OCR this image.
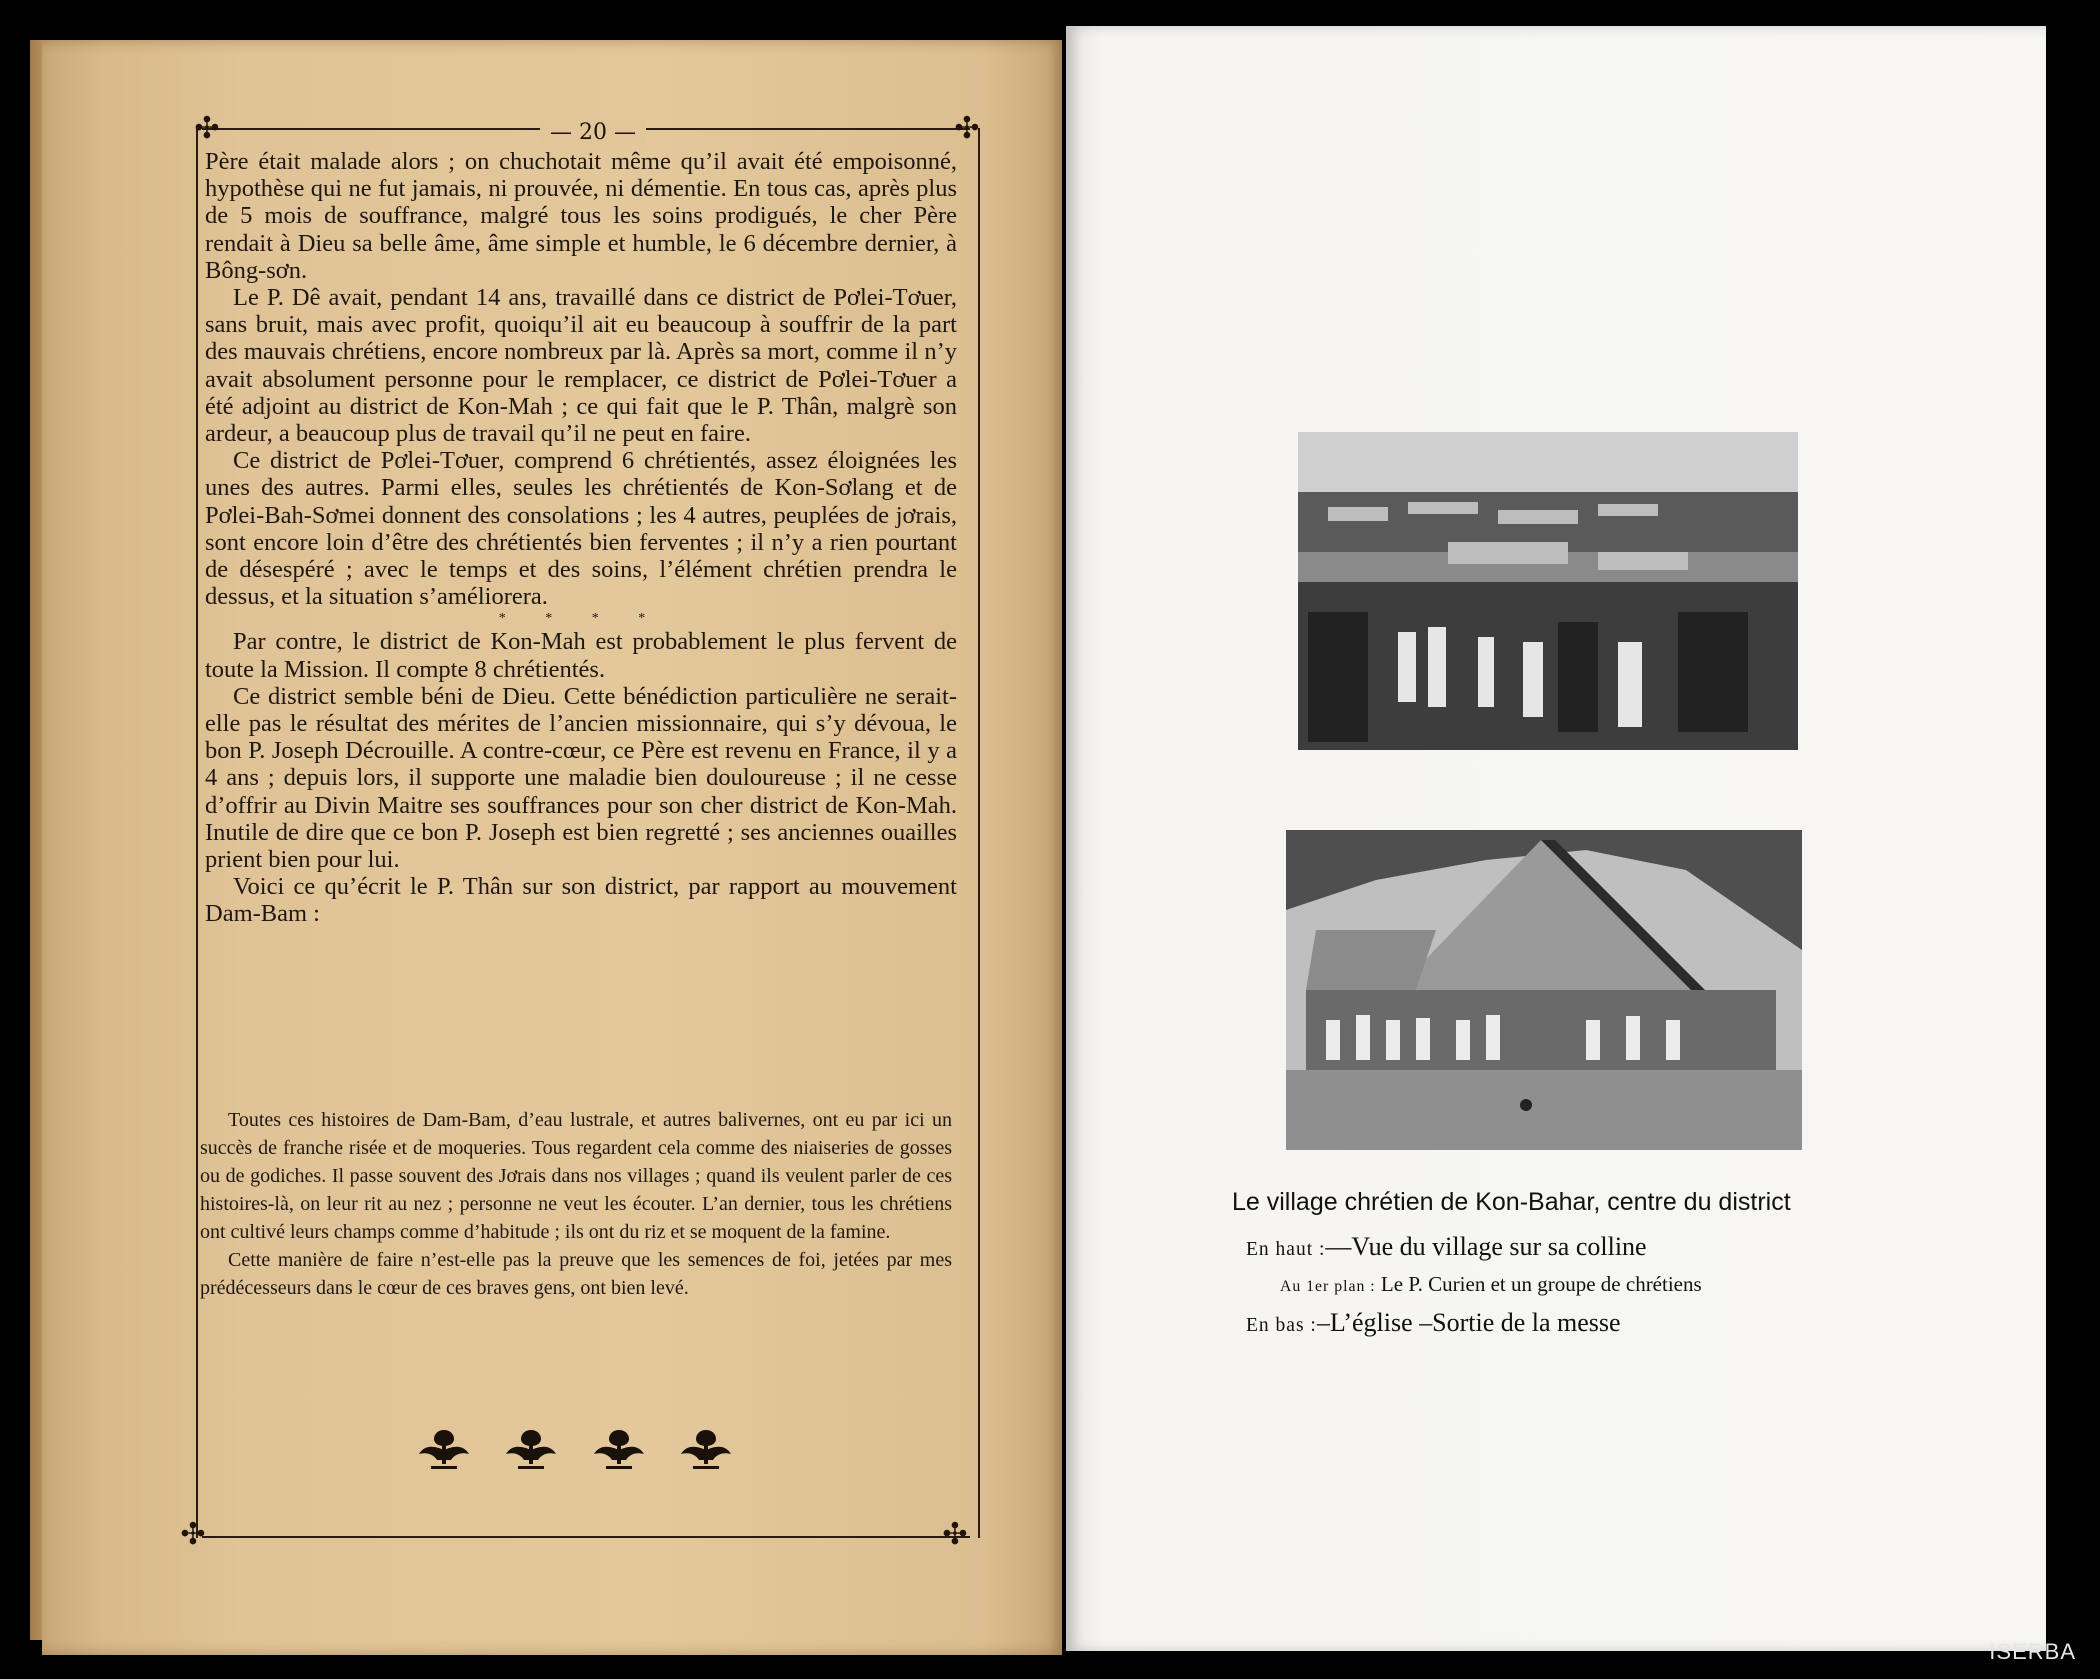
✣	✣
✣	✣
— 20 —

Père était malade alors ; on chuchotait même qu’il avait été empoisonné, hypothèse qui ne fut jamais, ni prouvée, ni démentie. En tous cas, après plus de 5 mois de souffrance, malgré tous les soins prodigués, le cher Père rendait à Dieu sa belle âme, âme simple et humble, le 6 décembre dernier, à Bông-sơn.

Le P. Dê avait, pendant 14 ans, travaillé dans ce district de Pơlei-Tơuer, sans bruit, mais avec profit, quoiqu’il ait eu beaucoup à souffrir de la part des mauvais chrétiens, encore nombreux par là. Après sa mort, comme il n’y avait absolument personne pour le remplacer, ce district de Pơlei-Tơuer a été adjoint au district de Kon-Mah ; ce qui fait que le P. Thân, malgrè son ardeur, a beaucoup plus de travail qu’il ne peut en faire.

Ce district de Pơlei-Tơuer, comprend 6 chrétientés, assez éloignées les unes des autres. Parmi elles, seules les chrétientés de Kon-Sơlang et de Pơlei-Bah-Sơmei donnent des consolations ; les 4 autres, peuplées de jơrais, sont encore loin d’être des chrétientés bien ferventes ; il n’y a rien pourtant de désespéré ; avec le temps et des soins, l’élément chrétien prendra le dessus, et la situation s’améliorera.

* * * *

Par contre, le district de Kon-Mah est probablement le plus fervent de toute la Mission. Il compte 8 chrétientés.

Ce district semble béni de Dieu. Cette bénédiction particulière ne serait-elle pas le résultat des mérites de l’ancien missionnaire, qui s’y dévoua, le bon P. Joseph Décrouille. A contre-cœur, ce Père est revenu en France, il y a 4 ans ; depuis lors, il supporte une maladie bien douloureuse ; il ne cesse d’offrir au Divin Maitre ses souffrances pour son cher district de Kon-Mah. Inutile de dire que ce bon P. Joseph est bien regretté ; ses anciennes ouailles prient bien pour lui.

Voici ce qu’écrit le P. Thân sur son district, par rapport au mouvement Dam-Bam :

Toutes ces histoires de Dam-Bam, d’eau lustrale, et autres balivernes, ont eu par ici un succès de franche risée et de moqueries. Tous regardent cela comme des niaiseries de gosses ou de godiches. Il passe souvent des Jơrais dans nos villages ; quand ils veulent parler de ces histoires-là, on leur rit au nez ; personne ne veut les écouter. L’an dernier, tous les chrétiens ont cultivé leurs champs comme d’habitude ; ils ont du riz et se moquent de la famine.

Cette manière de faire n’est-elle pas la preuve que les semences de foi, jetées par mes prédécesseurs dans le cœur de ces braves gens, ont bien levé.

Le village chrétien de Kon-Bahar, centre du district
En haut :—Vue du village sur sa colline
Au 1er plan : Le P. Curien et un groupe de chrétiens
En bas :–L’église –Sortie de la messe
ISERBA
